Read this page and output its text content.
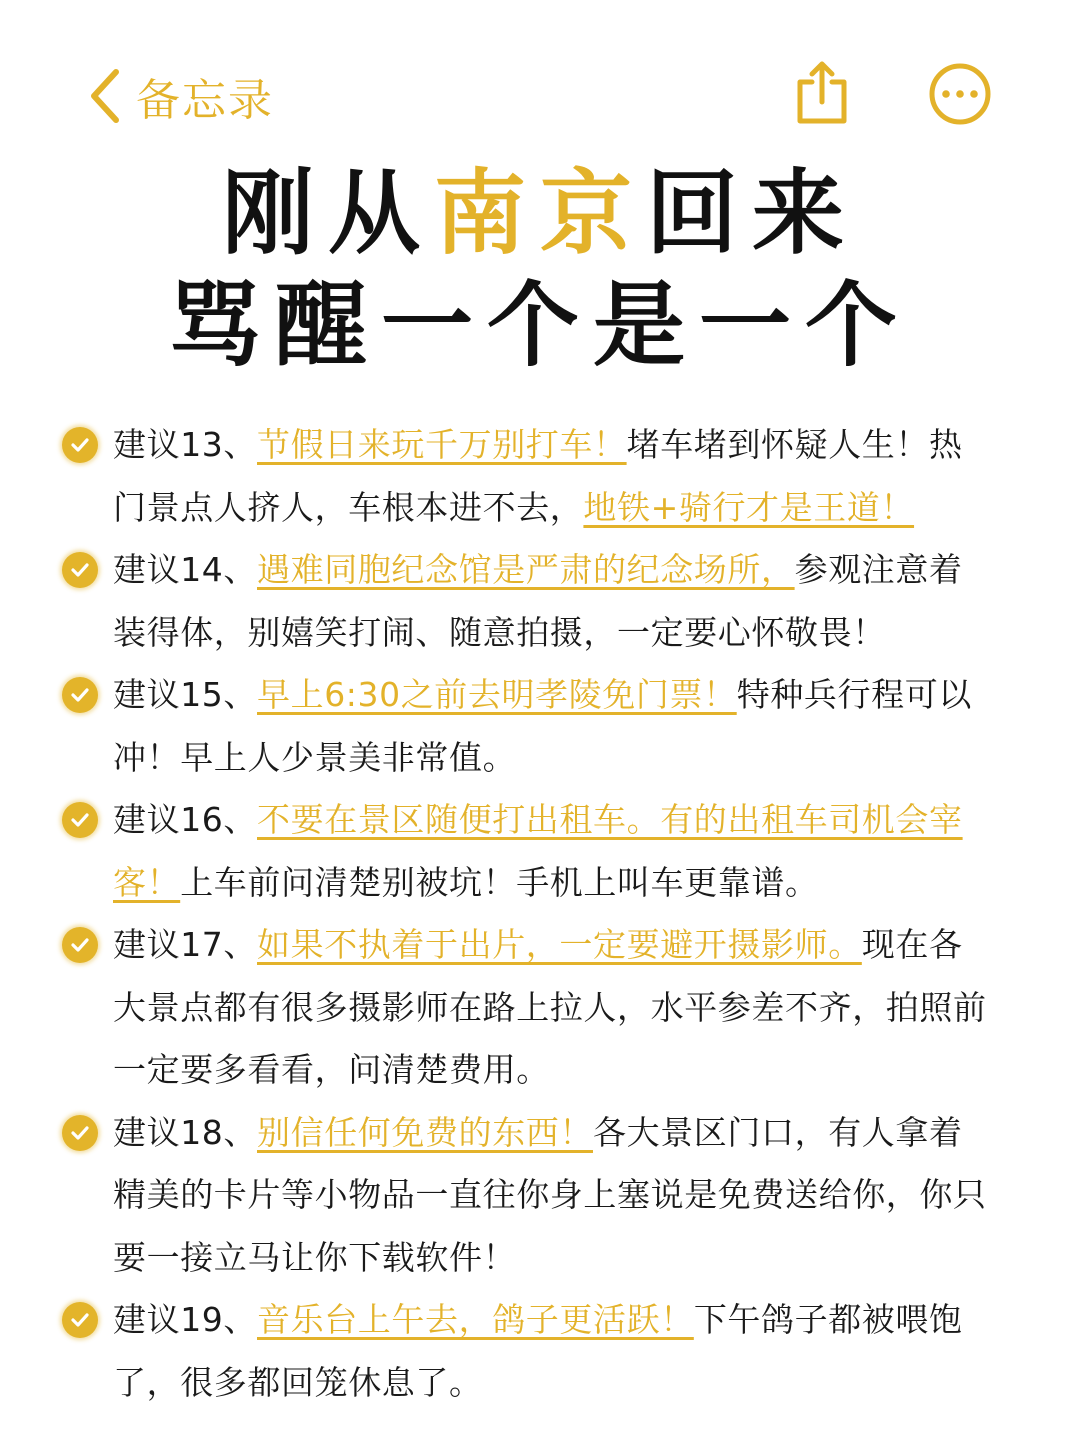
备忘录
刚从南京回来
骂醒一个是一个
建议13、节假日来玩千万别打车！堵车堵到怀疑人生！热门景点人挤人，车根本进不去，地铁+骑行才是王道！
建议14、遇难同胞纪念馆是严肃的纪念场所，参观注意着装得体，别嬉笑打闹、随意拍摄，一定要心怀敬畏！
建议15、早上6:30之前去明孝陵免门票！特种兵行程可以冲！早上人少景美非常值。
建议16、不要在景区随便打出租车。有的出租车司机会宰客！上车前问清楚别被坑！手机上叫车更靠谱。
建议17、如果不执着于出片，一定要避开摄影师。现在各大景点都有很多摄影师在路上拉人，水平参差不齐，拍照前一定要多看看，问清楚费用。
建议18、别信任何免费的东西！各大景区门口，有人拿着精美的卡片等小物品一直往你身上塞说是免费送给你，你只要一接立马让你下载软件！
建议19、音乐台上午去，鸽子更活跃！下午鸽子都被喂饱了，很多都回笼休息了。
